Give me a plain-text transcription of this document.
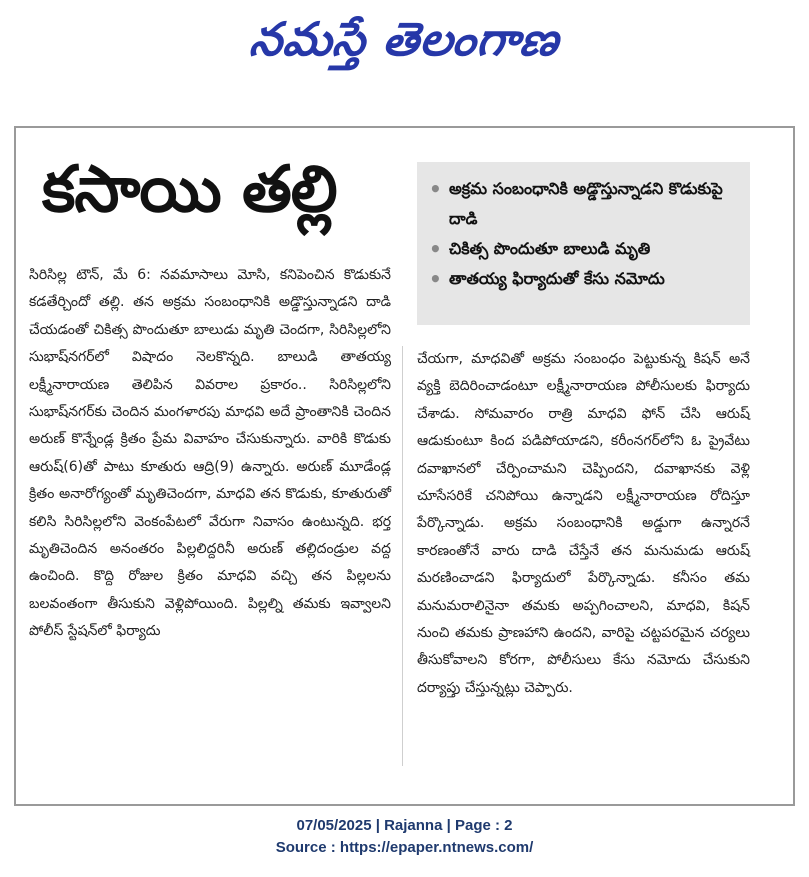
నమస్తే తెలంగాణ
కసాయి తల్లి	• అక్రమ సంబంధానికి అడ్డొస్తున్నాడని కొడుకుపై దాడి
• చికిత్స పొందుతూ బాలుడి మృతి
• తాతయ్య ఫిర్యాదుతో కేసు నమోదు
సిరిసిల్ల టౌన్, మే 6: నవమాసాలు మోసి, కనిపెంచిన కొడుకునే కడతేర్చిందో తల్లి. తన అక్రమ సంబంధానికి అడ్డొస్తున్నాడని దాడి చేయడంతో చికిత్స పొందుతూ బాలుడు మృతి చెందగా, సిరిసిల్లలోని సుభాష్‌నగర్‌లో విషాదం నెలకొన్నది. బాలుడి తాతయ్య లక్ష్మీనారాయణ తెలిపిన వివరాల ప్రకారం.. సిరిసిల్లలోని సుభాష్‌నగర్‌కు చెందిన మంగళారపు మాధవి అదే ప్రాంతానికి చెందిన అరుణ్ కొన్నేండ్ల క్రితం ప్రేమ వివాహం చేసుకున్నారు. వారికి కొడుకు ఆరుష్(6)తో పాటు కూతురు ఆద్రి(9) ఉన్నారు. అరుణ్ మూడేండ్ల క్రితం అనారోగ్యంతో మృతిచెందగా, మాధవి తన కొడుకు, కూతురుతో కలిసి సిరిసిల్లలోని వెంకంపేటలో వేరుగా నివాసం ఉంటున్నది. భర్త మృతిచెందిన అనంతరం పిల్లలిద్దరినీ అరుణ్ తల్లిదండ్రుల వద్ద ఉంచింది. కొద్ది రోజుల క్రితం మాధవి వచ్చి తన పిల్లలను బలవంతంగా తీసుకుని వెళ్లిపోయింది. పిల్లల్ని తమకు ఇవ్వాలని పోలీస్ స్టేషన్‌లో ఫిర్యాదు
చేయగా, మాధవితో అక్రమ సంబంధం పెట్టుకున్న కిషన్ అనే వ్యక్తి బెదిరించాడంటూ లక్ష్మీనారాయణ పోలీసులకు ఫిర్యాదు చేశాడు. సోమవారం రాత్రి మాధవి ఫోన్ చేసి ఆరుష్ ఆడుకుంటూ కింద పడిపోయాడని, కరీంనగర్‌లోని ఓ ప్రైవేటు దవాఖానలో చేర్పించామని చెప్పిందని, దవాఖానకు వెళ్లి చూసేసరికే చనిపోయి ఉన్నాడని లక్ష్మీనారాయణ రోదిస్తూ పేర్కొన్నాడు. అక్రమ సంబంధానికి అడ్డుగా ఉన్నారనే కారణంతోనే వారు దాడి చేస్తేనే తన మనుమడు ఆరుష్ మరణించాడని ఫిర్యాదులో పేర్కొన్నాడు. కనీసం తమ మనుమరాలినైనా తమకు అప్పగించాలని, మాధవి, కిషన్ నుంచి తమకు ప్రాణహాని ఉందని, వారిపై చట్టపరమైన చర్యలు తీసుకోవాలని కోరగా, పోలీసులు కేసు నమోదు చేసుకుని దర్యాప్తు చేస్తున్నట్లు చెప్పారు.
07/05/2025 | Rajanna | Page : 2
Source : https://epaper.ntnews.com/
